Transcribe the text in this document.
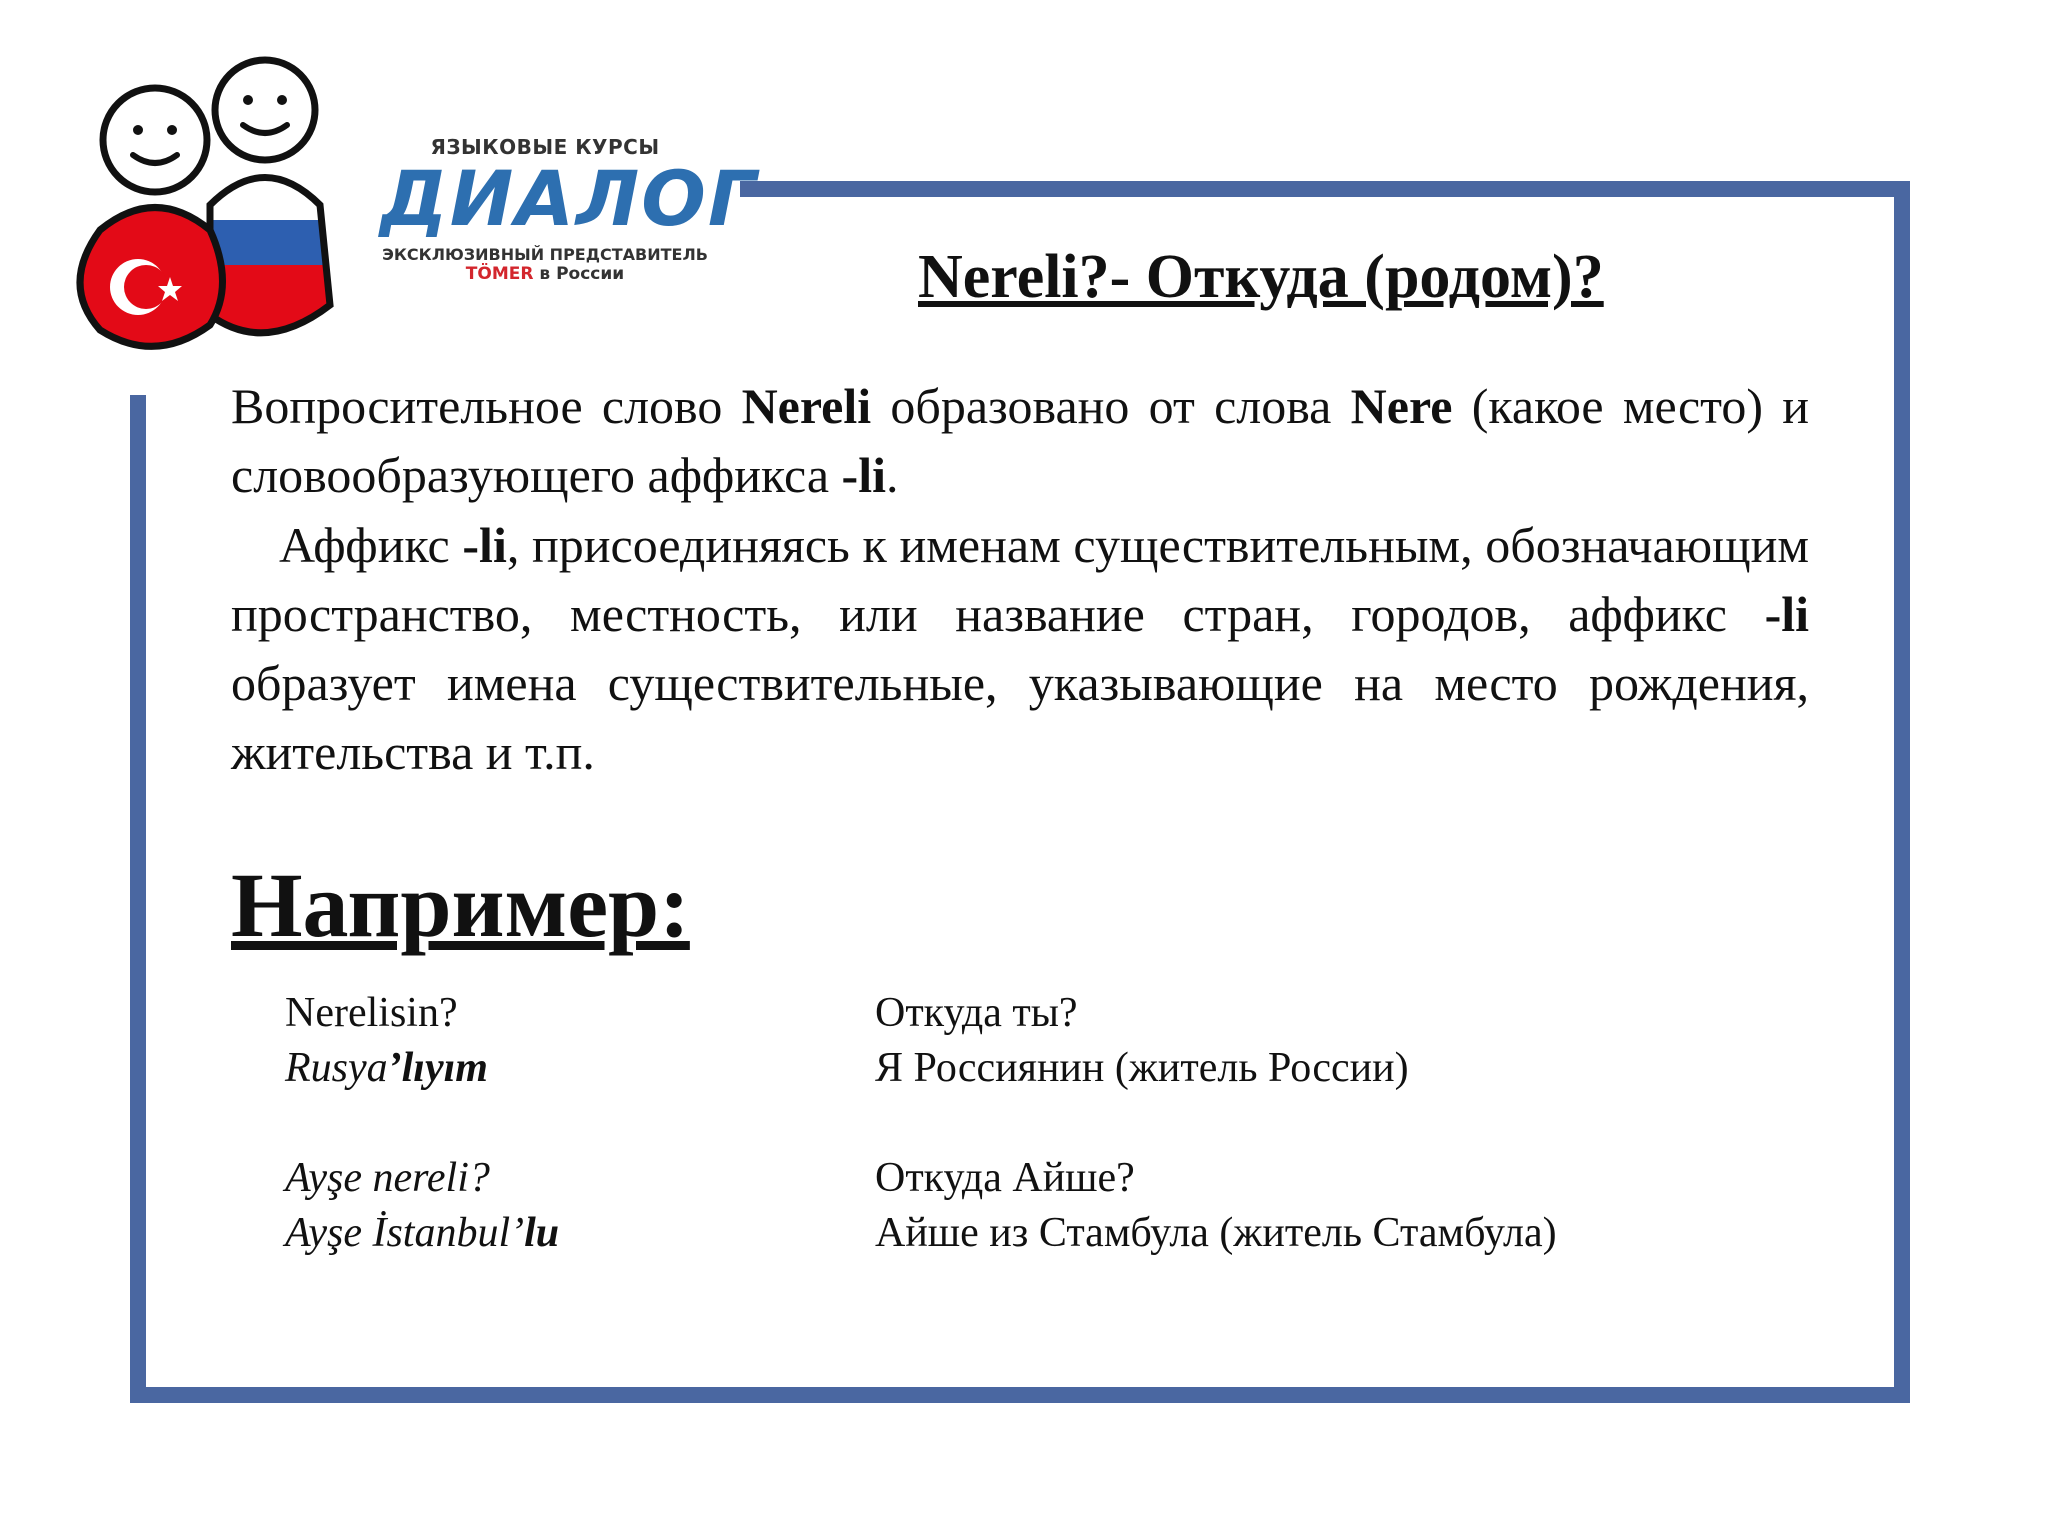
ЯЗЫКОВЫЕ КУРСЫ
ДИАЛОГ
ЭКСКЛЮЗИВНЫЙ ПРЕДСТАВИТЕЛЬ
TÖMER в России	Nereli?- Откуда (родом)?

Вопросительное слово Nereli образовано от слова Nere (какое место) и словообразующего аффикса -li.

Аффикс -li, присоединяясь к именам существительным, обозначающим пространство, местность, или название стран, городов, аффикс -li образует имена существительные, указывающие на место рождения, жительства и т.п.

Например:

Nerelisin?	Откуда ты?

Rusya’lıyım	Я Россиянин (житель России)

Ayşe nereli?	Откуда Айше?

Ayşe İstanbul’lu	Айше из Стамбула (житель Стамбула)
